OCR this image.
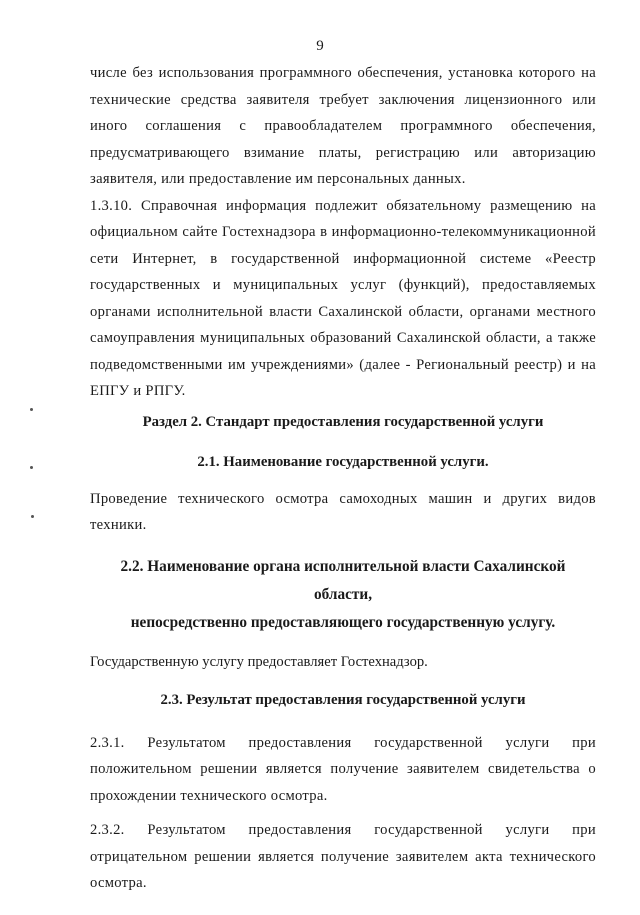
9

числе без использования программного обеспечения, установка которого на технические средства заявителя требует заключения лицензионного или иного соглашения с правообладателем программного обеспечения, предусматривающего взимание платы, регистрацию или авторизацию заявителя, или предоставление им персональных данных.

1.3.10. Справочная информация подлежит обязательному размещению на официальном сайте Гостехнадзора в информационно-телекоммуникационной сети Интернет, в государственной информационной системе «Реестр государственных и муниципальных услуг (функций), предоставляемых органами исполнительной власти Сахалинской области, органами местного самоуправления муниципальных образований Сахалинской области, а также подведомственными им учреждениями» (далее - Региональный реестр) и на ЕПГУ и РПГУ.

Раздел 2. Стандарт предоставления государственной услуги

2.1. Наименование государственной услуги.

Проведение технического осмотра самоходных машин и других видов техники.

2.2. Наименование органа исполнительной власти Сахалинской области,
непосредственно предоставляющего государственную услугу.

Государственную услугу предоставляет Гостехнадзор.

2.3. Результат предоставления государственной услуги

2.3.1. Результатом предоставления государственной услуги при положительном решении является получение заявителем свидетельства о прохождении технического осмотра.

2.3.2. Результатом предоставления государственной услуги при отрицательном решении является получение заявителем акта технического осмотра.
